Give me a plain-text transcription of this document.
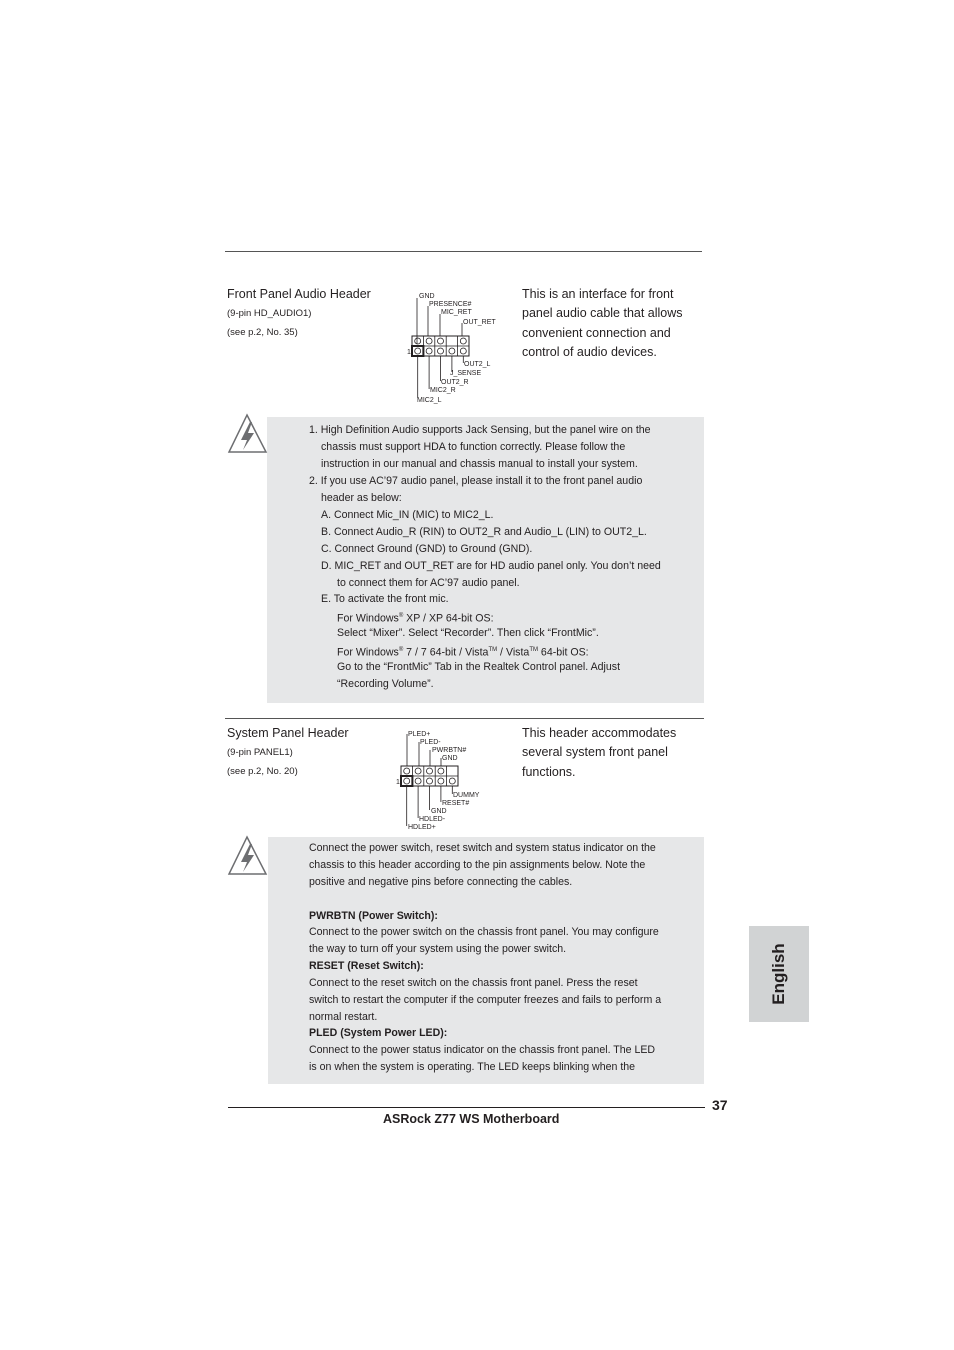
Front Panel Audio Header
(9-pin HD_AUDIO1)
(see p.2, No. 35)
1
GND
PRESENCE#
MIC_RET
OUT_RET
OUT2_L
J_SENSE
OUT2_R
MIC2_R
MIC2_L
This is an interface for front
panel audio cable that allows
convenient connection and
control of audio devices.
1. High Definition Audio supports Jack Sensing, but the panel wire on the
chassis must support HDA to function correctly. Please follow the
instruction in our manual and chassis manual to install your system.
2. If you use AC’97 audio panel, please install it to the front panel audio
header as below:
A. Connect Mic_IN (MIC) to MIC2_L.
B. Connect Audio_R (RIN) to OUT2_R and Audio_L (LIN) to OUT2_L.
C. Connect Ground (GND) to Ground (GND).
D. MIC_RET and OUT_RET are for HD audio panel only. You don’t need
to connect them for AC’97 audio panel.
E. To activate the front mic.
For Windows® XP / XP 64-bit OS:
Select “Mixer”. Select “Recorder”. Then click “FrontMic”.
For Windows® 7 / 7 64-bit / Vista™ / Vista™ 64-bit OS:
Go to the “FrontMic” Tab in the Realtek Control panel. Adjust
“Recording Volume”.
System Panel Header
(9-pin PANEL1)
(see p.2, No. 20)
1
PLED+
PLED-
PWRBTN#
GND
DUMMY
RESET#
GND
HDLED-
HDLED+
This header accommodates
several system front panel
functions.
Connect the power switch, reset switch and system status indicator on the
chassis to this header according to the pin assignments below. Note the
positive and negative pins before connecting the cables.
PWRBTN (Power Switch):
Connect to the power switch on the chassis front panel. You may configure
the way to turn off your system using the power switch.
RESET (Reset Switch):
Connect to the reset switch on the chassis front panel. Press the reset
switch to restart the computer if the computer freezes and fails to perform a
normal restart.
PLED (System Power LED):
Connect to the power status indicator on the chassis front panel. The LED
is on when the system is operating. The LED keeps blinking when the
English
37
ASRock Z77 WS Motherboard
